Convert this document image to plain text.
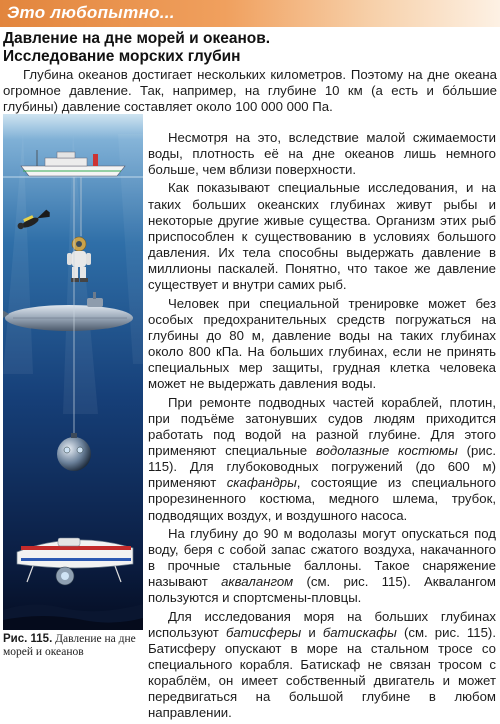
Это любопытно...
Давление на дне морей и океанов.
Исследование морских глубин

Глубина океанов достигает нескольких километров. Поэтому на дне океана огромное давление. Так, например, на глубине 10 км (а есть и бо́льшие глубины) давление составляет около 100 000 000 Па.

Рис. 115. Давление на дне морей и океанов

Несмотря на это, вследствие малой сжимаемости воды, плотность её на дне океанов лишь немного больше, чем вблизи поверхности.

Как показывают специальные исследования, и на таких больших океанских глубинах живут рыбы и некоторые другие живые существа. Организм этих рыб приспособлен к существованию в условиях большого давления. Их тела способны выдержать давление в миллионы паскалей. Понятно, что такое же давление существует и внутри самих рыб.

Человек при специальной тренировке может без особых предохранительных средств погружаться на глубины до 80 м, давление воды на таких глубинах около 800 кПа. На больших глубинах, если не принять специальных мер защиты, грудная клетка человека может не выдержать давления воды.

При ремонте подводных частей кораблей, плотин, при подъёме затонувших судов людям приходится работать под водой на разной глубине. Для этого применяют специальные водолазные костюмы (рис. 115). Для глубоководных погружений (до 600 м) применяют скафандры, состоящие из специального прорезиненного костюма, медного шлема, трубок, подводящих воздух, и воздушного насоса.

На глубину до 90 м водолазы могут опускаться под воду, беря с собой запас сжатого воздуха, накачанного в прочные стальные баллоны. Такое снаряжение называют аквалангом (см. рис. 115). Аквалангом пользуются и спортсмены-пловцы.

Для исследования моря на больших глубинах используют батисферы и батискафы (см. рис. 115). Батисферу опускают в море на стальном тросе со специального корабля. Батискаф не связан тросом с кораблём, он имеет собственный двигатель и может передвигаться на большой глубине в любом направлении.
